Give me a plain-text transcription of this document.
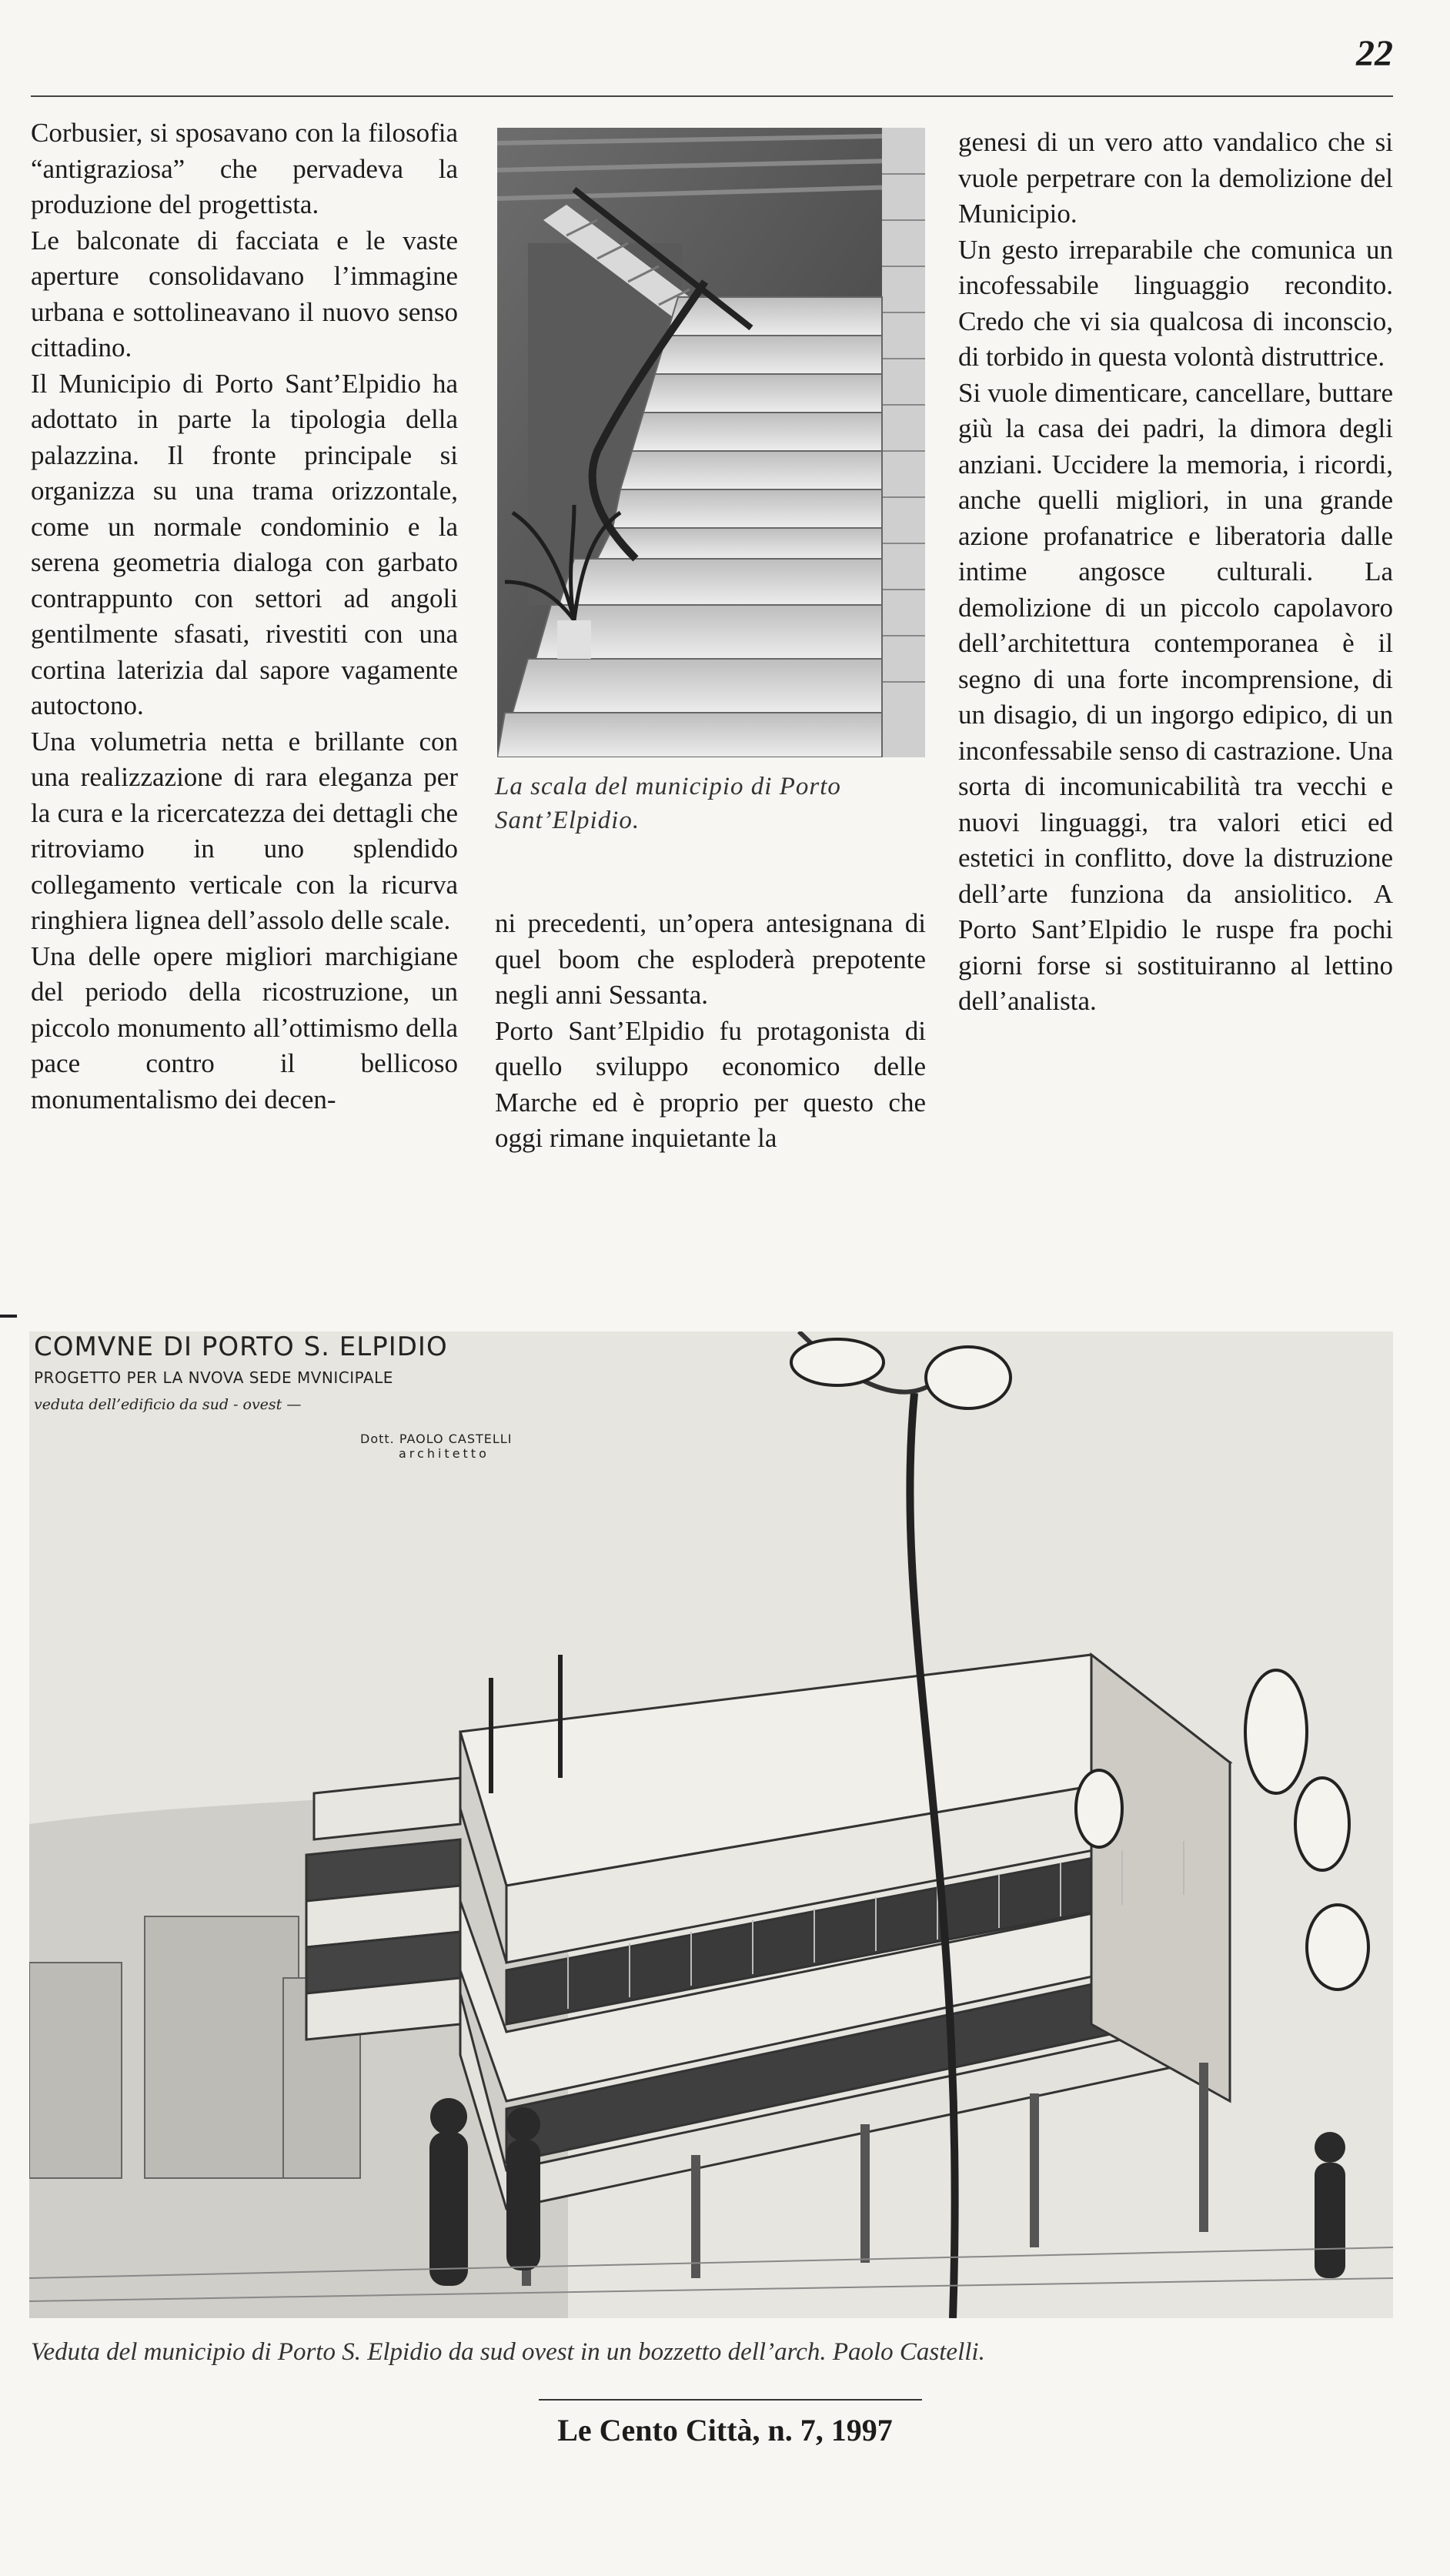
22
Corbusier, si sposavano con la filosofia “antigraziosa” che pervadeva la produzione del progettista.
Le balconate di facciata e le vaste aperture consolidavano l’immagine urbana e sottolineavano il nuovo senso cittadino.
Il Municipio di Porto Sant’Elpidio ha adottato in parte la tipologia della palazzina. Il fronte principale si organizza su una trama orizzontale, come un normale condominio e la serena geometria dialoga con garbato contrappunto con settori ad angoli gentilmente sfasati, rivestiti con una cortina laterizia dal sapore vagamente autoctono.
Una volumetria netta e brillante con una realizzazione di rara eleganza per la cura e la ricercatezza dei dettagli che ritroviamo in uno splendido collegamento verticale con la ricurva ringhiera lignea dell’assolo delle scale.
Una delle opere migliori marchigiane del periodo della ricostruzione, un piccolo monumento all’ottimismo della pace contro il bellicoso monumentalismo dei decen-
La scala del municipio di Porto Sant’Elpidio.
ni precedenti, un’opera antesignana di quel boom che esploderà prepotente negli anni Sessanta.
Porto Sant’Elpidio fu protagonista di quello sviluppo economico delle Marche ed è proprio per questo che oggi rimane inquietante la
genesi di un vero atto vandalico che si vuole perpetrare con la demolizione del Municipio.
Un gesto irreparabile che comunica un incofessabile linguaggio recondito. Credo che vi sia qualcosa di inconscio, di torbido in questa volontà distruttrice.
Si vuole dimenticare, cancellare, buttare giù la casa dei padri, la dimora degli anziani. Uccidere la memoria, i ricordi, anche quelli migliori, in una grande azione profanatrice e liberatoria dalle intime angosce culturali. La demolizione di un piccolo capolavoro dell’architettura contemporanea è il segno di una forte incomprensione, di un disagio, di un ingorgo edipico, di un inconfessabile senso di castrazione. Una sorta di incomunicabilità tra vecchi e nuovi linguaggi, tra valori etici ed estetici in conflitto, dove la distruzione dell’arte funziona da ansiolitico. A Porto Sant’Elpidio le ruspe fra pochi giorni forse si sostituiranno al lettino dell’analista.
COMVNE DI PORTO S. ELPIDIO
PROGETTO PER LA NVOVA SEDE MVNICIPALE
veduta dell’edificio da sud - ovest —
Dott. PAOLO CASTELLI
architetto
Veduta del municipio di Porto S. Elpidio da sud ovest in un bozzetto dell’arch. Paolo Castelli.
Le Cento Città, n. 7, 1997
